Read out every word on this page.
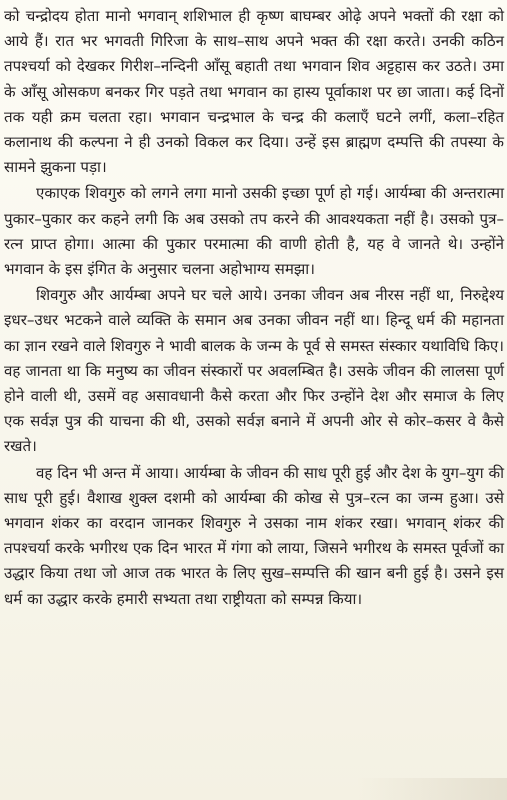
को चन्द्रोदय होता मानो भगवान् शशिभाल ही कृष्ण बाघम्बर ओढ़े अपने भक्तों की रक्षा को आये हैं। रात भर भगवती गिरिजा के साथ–साथ अपने भक्त की रक्षा करते। उनकी कठिन तपश्चर्या को देखकर गिरीश–नन्दिनी आँसू बहाती तथा भगवान शिव अट्टहास कर उठते। उमा के आँसू ओसकण बनकर गिर पड़ते तथा भगवान का हास्य पूर्वाकाश पर छा जाता। कई दिनों तक यही क्रम चलता रहा। भगवान चन्द्रभाल के चन्द्र की कलाएँ घटने लगीं, कला–रहित कलानाथ की कल्पना ने ही उनको विकल कर दिया। उन्हें इस ब्राह्मण दम्पत्ति की तपस्या के सामने झुकना पड़ा।

एकाएक शिवगुरु को लगने लगा मानो उसकी इच्छा पूर्ण हो गई। आर्यम्बा की अन्तरात्मा पुकार–पुकार कर कहने लगी कि अब उसको तप करने की आवश्यकता नहीं है। उसको पुत्र–रत्न प्राप्त होगा। आत्मा की पुकार परमात्मा की वाणी होती है, यह वे जानते थे। उन्होंने भगवान के इस इंगित के अनुसार चलना अहोभाग्य समझा।

शिवगुरु और आर्यम्बा अपने घर चले आये। उनका जीवन अब नीरस नहीं था, निरुद्देश्य इधर–उधर भटकने वाले व्यक्ति के समान अब उनका जीवन नहीं था। हिन्दू धर्म की महानता का ज्ञान रखने वाले शिवगुरु ने भावी बालक के जन्म के पूर्व से समस्त संस्कार यथाविधि किए। वह जानता था कि मनुष्य का जीवन संस्कारों पर अवलम्बित है। उसके जीवन की लालसा पूर्ण होने वाली थी, उसमें वह असावधानी कैसे करता और फिर उन्होंने देश और समाज के लिए एक सर्वज्ञ पुत्र की याचना की थी, उसको सर्वज्ञ बनाने में अपनी ओर से कोर–कसर वे कैसे रखते।

वह दिन भी अन्त में आया। आर्यम्बा के जीवन की साध पूरी हुई और देश के युग–युग की साध पूरी हुई। वैशाख शुक्ल दशमी को आर्यम्बा की कोख से पुत्र–रत्न का जन्म हुआ। उसे भगवान शंकर का वरदान जानकर शिवगुरु ने उसका नाम शंकर रखा। भगवान् शंकर की तपश्चर्या करके भगीरथ एक दिन भारत में गंगा को लाया, जिसने भगीरथ के समस्त पूर्वजों का उद्धार किया तथा जो आज तक भारत के लिए सुख–सम्पत्ति की खान बनी हुई है। उसने इस धर्म का उद्धार करके हमारी सभ्यता तथा राष्ट्रीयता को सम्पन्न किया।
